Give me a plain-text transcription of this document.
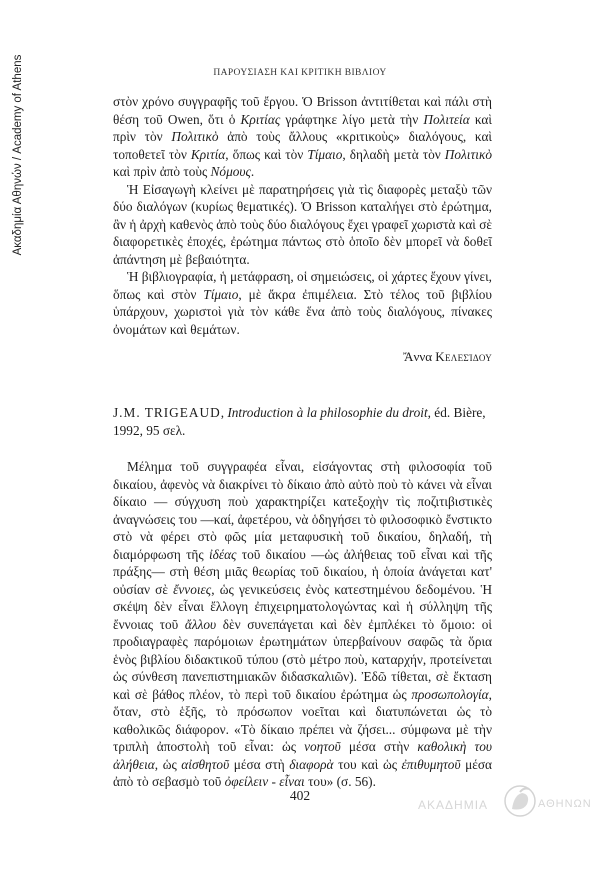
Ακαδημία Αθηνών / Academy of Athens	ΠΑΡΟΥΣΙΑΣΗ ΚΑΙ ΚΡΙΤΙΚΗ ΒΙΒΛΙΟΥ

στὸν χρόνο συγγραφῆς τοῦ ἔργου. Ὁ Brisson ἀντιτίθεται καὶ πάλι στὴ θέση τοῦ Owen, ὅτι ὁ Κριτίας γράφτηκε λίγο μετὰ τὴν Πολιτεία καὶ πρὶν τὸν Πολιτικὸ ἀπὸ τοὺς ἄλλους «κριτικοὺς» διαλόγους, καὶ τοποθετεῖ τὸν Κριτία, ὅπως καὶ τὸν Τίμαιο, δηλαδὴ μετὰ τὸν Πολιτικὸ καὶ πρὶν ἀπὸ τοὺς Νόμους.

Ἡ Εἰσαγωγὴ κλείνει μὲ παρατηρήσεις γιὰ τὶς διαφορὲς μεταξὺ τῶν δύο διαλόγων (κυρίως θεματικές). Ὁ Brisson καταλήγει στὸ ἐρώτημα, ἂν ἡ ἀρχὴ καθενὸς ἀπὸ τοὺς δύο διαλόγους ἔχει γραφεῖ χωριστὰ καὶ σὲ διαφορετικὲς ἐποχές, ἐρώτημα πάντως στὸ ὁποῖο δὲν μπορεῖ νὰ δοθεῖ ἀπάντηση μὲ βεβαιότητα.

Ἡ βιβλιογραφία, ἡ μετάφραση, οἱ σημειώσεις, οἱ χάρτες ἔχουν γίνει, ὅπως καὶ στὸν Τίμαιο, μὲ ἄκρα ἐπιμέλεια. Στὸ τέλος τοῦ βιβλίου ὑπάρχουν, χωριστοὶ γιὰ τὸν κάθε ἕνα ἀπὸ τοὺς διαλόγους, πίνακες ὀνομάτων καὶ θεμάτων.

Ἄννα Κελεσίδου
J.M. TRIGEAUD, Introduction à la philosophie du droit, éd. Bière, 1992, 95 σελ.

Μέλημα τοῦ συγγραφέα εἶναι, εἰσάγοντας στὴ φιλοσοφία τοῦ δικαίου, ἀφενὸς νὰ διακρίνει τὸ δίκαιο ἀπὸ αὐτὸ ποὺ τὸ κάνει νὰ εἶναι δίκαιο — σύγχυση ποὺ χαρακτηρίζει κατεξοχὴν τὶς ποζιτιβιστικὲς ἀναγνώσεις του —καί, ἀφετέρου, νὰ ὁδηγήσει τὸ φιλοσοφικὸ ἔνστικτο στὸ νὰ φέρει στὸ φῶς μία μεταφυσικὴ τοῦ δικαίου, δηλαδή, τὴ διαμόρφωση τῆς ἰδέας τοῦ δικαίου —ὡς ἀλήθειας τοῦ εἶναι καὶ τῆς πράξης— στὴ θέση μιᾶς θεωρίας τοῦ δικαίου, ἡ ὁποία ἀνάγεται κατ' οὐσίαν σὲ ἔννοιες, ὡς γενικεύσεις ἐνὸς κατεστημένου δεδομένου. Ἡ σκέψη δὲν εἶναι ἔλλογη ἐπιχειρηματολογώντας καὶ ἡ σύλληψη τῆς ἔννοιας τοῦ ἄλλου δὲν συνεπάγεται καὶ δὲν ἐμπλέκει τὸ ὅμοιο: οἱ προδιαγραφὲς παρόμοιων ἐρωτημάτων ὑπερβαίνουν σαφῶς τὰ ὅρια ἑνὸς βιβλίου διδακτικοῦ τύπου (στὸ μέτρο ποὺ, καταρχήν, προτείνεται ὡς σύνθεση πανεπιστημιακῶν διδασκαλιῶν). Ἐδῶ τίθεται, σὲ ἔκταση καὶ σὲ βάθος πλέον, τὸ περὶ τοῦ δικαίου ἐρώτημα ὡς προσωπολογία, ὅταν, στὸ ἑξῆς, τὸ πρόσωπον νοεῖται καὶ διατυπώνεται ὡς τὸ καθολικῶς διάφορον. «Τὸ δίκαιο πρέπει νὰ ζήσει... σύμφωνα μὲ τὴν τριπλὴ ἀποστολὴ τοῦ εἶναι: ὡς νοητοῦ μέσα στὴν καθολικὴ του ἀλήθεια, ὡς αἰσθητοῦ μέσα στὴ διαφορὰ του καὶ ὡς ἐπιθυμητοῦ μέσα ἀπὸ τὸ σεβασμὸ τοῦ ὀφείλειν - εἶναι του» (σ. 56).

402
ΑΚΑΔΗΜΙΑ	ΑΘΗΝΩΝ
